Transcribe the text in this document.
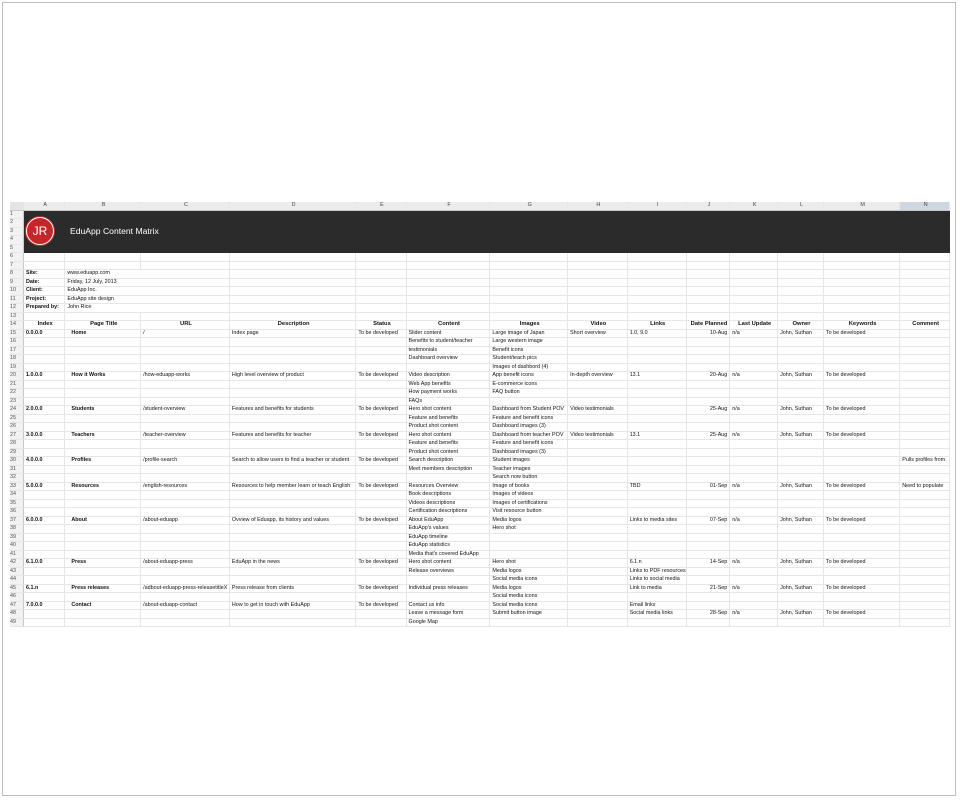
	A	B	C	D	E	F	G	H	I	J	K	L	M	N
1														
2														
3														
4														
5														
6														
7														
8	Site:	www.eduapp.com												
9	Date:	Friday, 12 July, 2013												
10	Client:	EduApp Inc.												
11	Project:	EduApp site design												
12	Prepared by:	John Rice												
13														
14	Index	Page Title	URL	Description	Status	Content	Images	Video	Links	Date Planned	Last Update	Owner	Keywords	Comment
15	0.0.0.0	Home	/	Index page	To be developed	Slider content	Large image of Japan	Short overview	1.0, 9.0	10-Aug	n/a	John, Suthan	To be developed	
16						Benefits to student/teacher	Large western image							
17						testimonials	Benefit icons							
18						Dashboard overview	Student/teach pics							
19							Images of dashbord (4)							
20	1.0.0.0	How it Works	/how-eduapp-works	High level overview of product	To be developed	Video description	App benefit icons	In-depth overview	13.1	20-Aug	n/a	John, Suthan	To be developed	
21						Web App benefits	E-commerce icons							
22						How payment works	FAQ button							
23						FAQs								
24	2.0.0.0	Students	/student-overview	Features and benefits for students	To be developed	Hero shot content	Dashboard from Student POV	Video testimonials		25-Aug	n/a	John, Suthan	To be developed	
25						Feature and benefits	Feature and benefit icons							
26						Product shot content	Dashboard images (3)							
27	3.0.0.0	Teachers	/teacher-overview	Features and benefits for teacher	To be developed	Hero shot content	Dashboard from teacher POV	Video testimonials	13.1	25-Aug	n/a	John, Suthan	To be developed	
28						Feature and benefits	Feature and benefit icons							
29						Product shot content	Dashboard images (3)							
30	4.0.0.0	Profiles	/profile-search	Search to allow users to find a teacher or student	To be developed	Search description	Student images							Pulls profiles from
31						Meet members description	Teacher images							
32							Search now button							
33	5.0.0.0	Resources	/english-resources	Resources to help member learn or teach English	To be developed	Resources Overview	Image of books		TBD	01-Sep	n/a	John, Suthan	To be developed	Need to populate
34						Book descriptions	Images of videos							
35						Videos descriptions	Images of certifications							
36						Certification descriptions	Visit resource button							
37	6.0.0.0	About	/about-eduapp	Ovview of Eduapp, its history and values	To be developed	About EduApp	Media logos		Links to media sites	07-Sep	n/a	John, Suthan	To be developed	
38						EduApp's values	Hero shot							
39						EduApp timeline								
40						EduApp statistics								
41						Media that's covered EduApp								
42	6.1.0.0	Press	/about-eduapp-press	EduApp in the news	To be developed	Hero shot content	Hero shot		6.1.n	14-Sep	n/a	John, Suthan	To be developed	
43						Release overviews	Media logos		Links to PDF resources					
44							Social media icons		Links to social media					
45	6.1.n	Press releases	/adbout-eduapp-press-releasetitleX	Press release from clients	To be developed	Individual press releases	Media logos		Link to media	21-Sep	n/a	John, Suthan	To be developed	
46							Social media icons							
47	7.0.0.0	Contact	/about-eduapp-contact	How to get in touch with EduApp	To be developed	Contact us info	Social media icons		Email links					
48						Leave a message form	Submit button image		Social media links	28-Sep	n/a	John, Suthan	To be developed	
49						Google Map								
JR	EduApp Content Matrix
